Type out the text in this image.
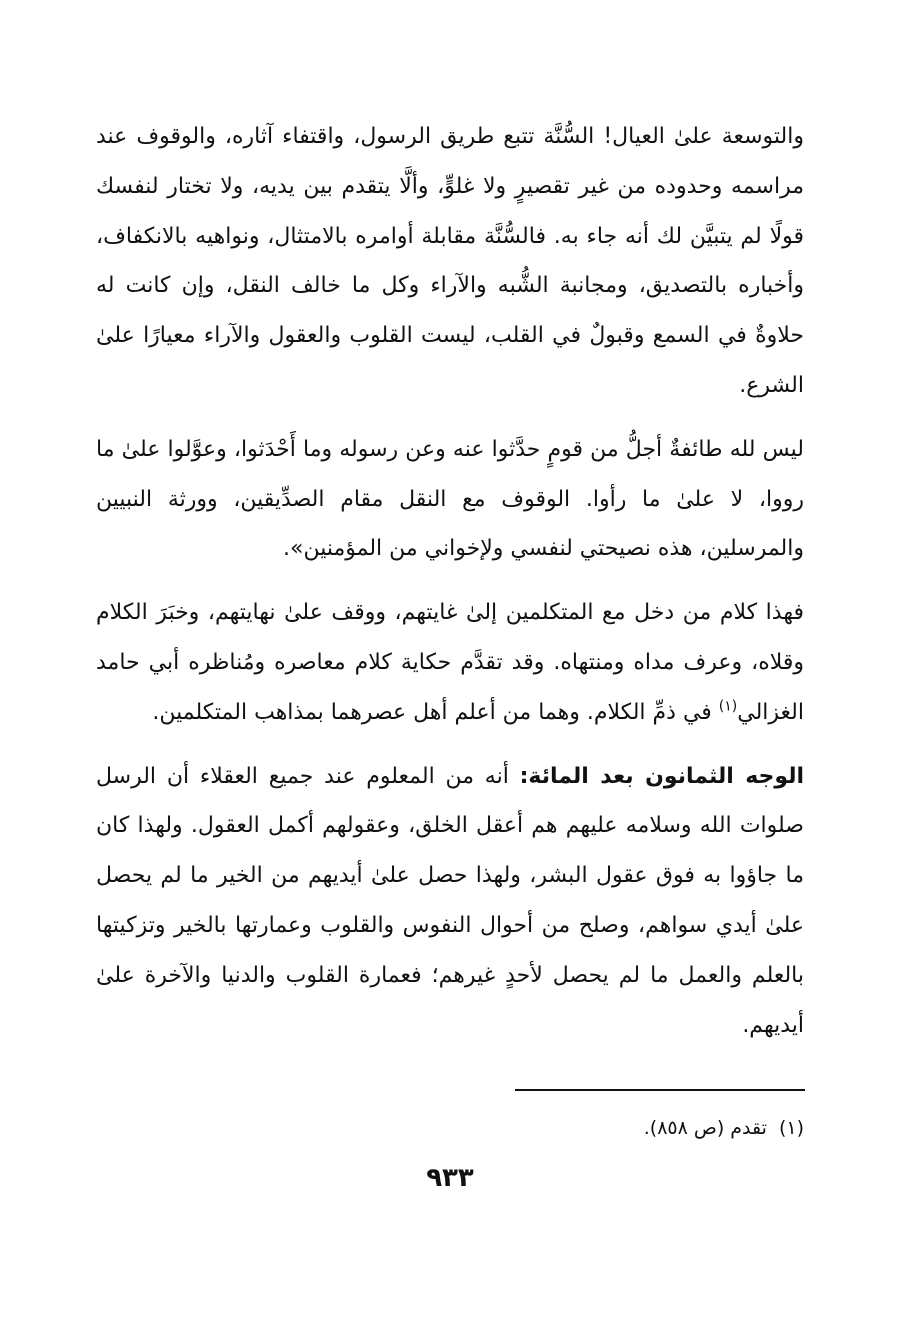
والتوسعة علىٰ العيال! السُّنَّة تتبع طريق الرسول، واقتفاء آثاره، والوقوف عند مراسمه وحدوده من غير تقصيرٍ ولا غلوٍّ، وألَّا يتقدم بين يديه، ولا تختار لنفسك قولًا لم يتبيَّن لك أنه جاء به. فالسُّنَّة مقابلة أوامره بالامتثال، ونواهيه بالانكفاف، وأخباره بالتصديق، ومجانبة الشُّبه والآراء وكل ما خالف النقل، وإن كانت له حلاوةٌ في السمع وقبولٌ في القلب، ليست القلوب والعقول والآراء معيارًا علىٰ الشرع.

ليس لله طائفةٌ أجلُّ من قومٍ حدَّثوا عنه وعن رسوله وما أَحْدَثوا، وعوَّلوا علىٰ ما رووا، لا علىٰ ما رأوا. الوقوف مع النقل مقام الصدِّيقين، وورثة النبيين والمرسلين، هذه نصيحتي لنفسي ولإخواني من المؤمنين».

فهذا كلام من دخل مع المتكلمين إلىٰ غايتهم، ووقف علىٰ نهايتهم، وخبَرَ الكلام وقلاه، وعرف مداه ومنتهاه. وقد تقدَّم حكاية كلام معاصره ومُناظره أبي حامد الغزالي$^{(١)}$ في ذمِّ الكلام. وهما من أعلم أهل عصرهما بمذاهب المتكلمين.

الوجه الثمانون بعد المائة: أنه من المعلوم عند جميع العقلاء أن الرسل صلوات الله وسلامه عليهم هم أعقل الخلق، وعقولهم أكمل العقول. ولهذا كان ما جاؤوا به فوق عقول البشر، ولهذا حصل علىٰ أيديهم من الخير ما لم يحصل علىٰ أيدي سواهم، وصلح من أحوال النفوس والقلوب وعمارتها بالخير وتزكيتها بالعلم والعمل ما لم يحصل لأحدٍ غيرهم؛ فعمارة القلوب والدنيا والآخرة علىٰ أيديهم.

(١)تقدم (ص ٨٥٨).
٩٣٣
